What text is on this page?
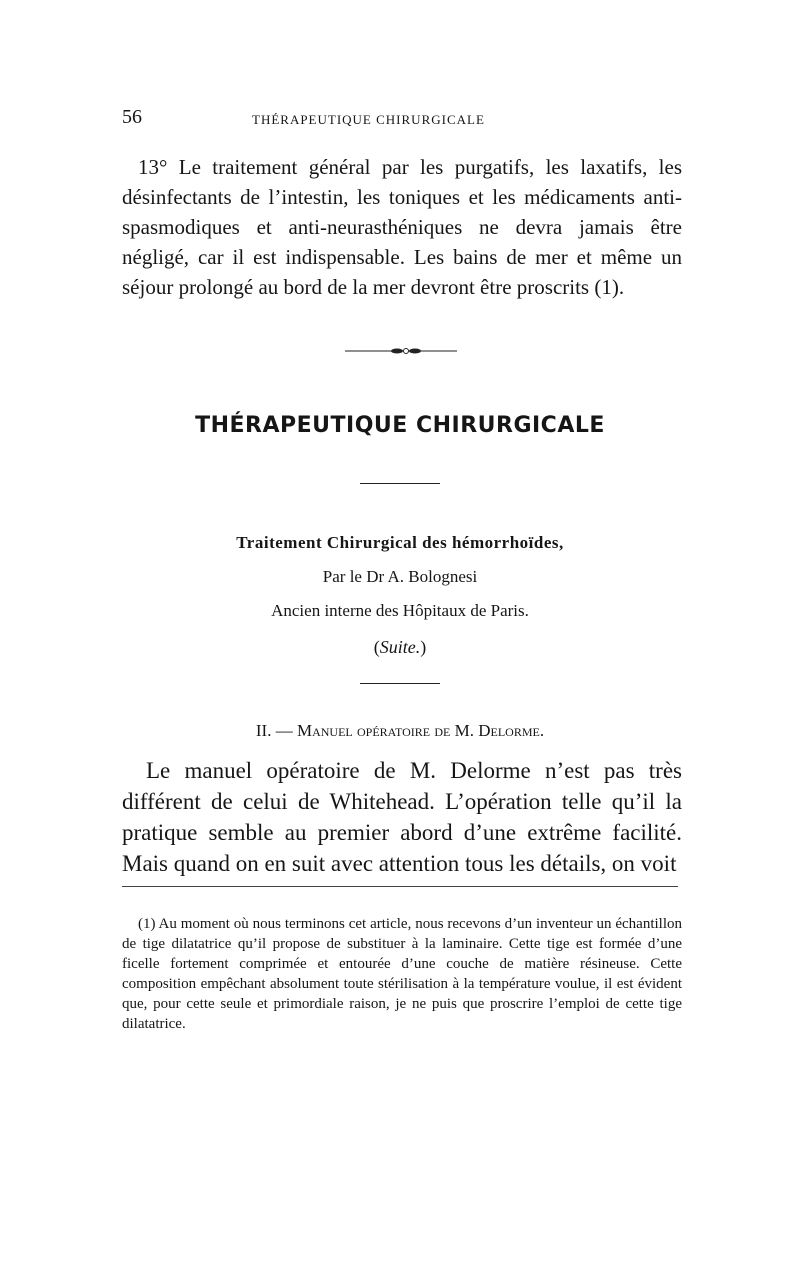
56	THÉRAPEUTIQUE CHIRURGICALE

13° Le traitement général par les purgatifs, les laxatifs, les désinfectants de l’intestin, les toniques et les médicaments anti-spasmodiques et anti-neurasthéniques ne devra jamais être négligé, car il est indispensable. Les bains de mer et même un séjour prolongé au bord de la mer devront être proscrits (1).

THÉRAPEUTIQUE CHIRURGICALE
Traitement Chirurgical des hémorrhoïdes,
Par le Dr A. Bolognesi
Ancien interne des Hôpitaux de Paris.
(Suite.)
II. — Manuel opératoire de M. Delorme.

Le manuel opératoire de M. Delorme n’est pas très différent de celui de Whitehead. L’opération telle qu’il la pratique semble au premier abord d’une extrême facilité. Mais quand on en suit avec attention tous les détails, on voit

(1) Au moment où nous terminons cet article, nous recevons d’un inventeur un échantillon de tige dilatatrice qu’il propose de substituer à la laminaire. Cette tige est formée d’une ficelle fortement comprimée et entourée d’une couche de matière résineuse. Cette composition empêchant absolument toute stérilisation à la température voulue, il est évident que, pour cette seule et primordiale raison, je ne puis que proscrire l’emploi de cette tige dilatatrice.
